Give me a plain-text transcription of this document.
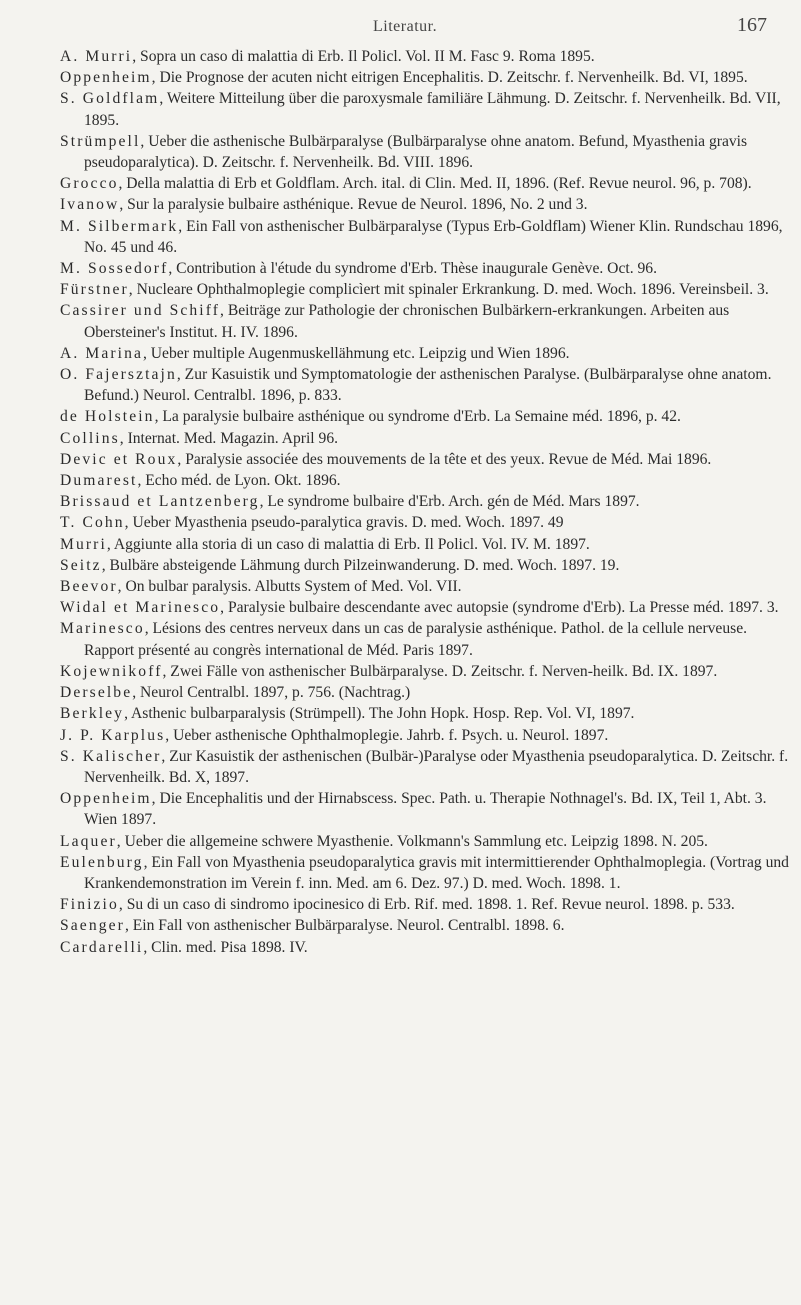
Literatur.	167

A. Murri, Sopra un caso di malattia di Erb. Il Policl. Vol. II M. Fasc 9. Roma 1895.

Oppenheim, Die Prognose der acuten nicht eitrigen Encephalitis. D. Zeitschr. f. Nervenheilk. Bd. VI, 1895.

S. Goldflam, Weitere Mitteilung über die paroxysmale familiäre Lähmung. D. Zeitschr. f. Nervenheilk. Bd. VII, 1895.

Strümpell, Ueber die asthenische Bulbärparalyse (Bulbärparalyse ohne anatom. Befund, Myasthenia gravis pseudoparalytica). D. Zeitschr. f. Nervenheilk. Bd. VIII. 1896.

Grocco, Della malattia di Erb et Goldflam. Arch. ital. di Clin. Med. II, 1896. (Ref. Revue neurol. 96, p. 708).

Ivanow, Sur la paralysie bulbaire asthénique. Revue de Neurol. 1896, No. 2 und 3.

M. Silbermark, Ein Fall von asthenischer Bulbärparalyse (Typus Erb-Goldflam) Wiener Klin. Rundschau 1896, No. 45 und 46.

M. Sossedorf, Contribution à l'étude du syndrome d'Erb. Thèse inaugurale Genève. Oct. 96.

Fürstner, Nucleare Ophthalmoplegie complicìert mit spinaler Erkrankung. D. med. Woch. 1896. Vereinsbeil. 3.

Cassirer und Schiff, Beiträge zur Pathologie der chronischen Bulbärkern-erkrankungen. Arbeiten aus Obersteiner's Institut. H. IV. 1896.

A. Marina, Ueber multiple Augenmuskellähmung etc. Leipzig und Wien 1896.

O. Fajersztajn, Zur Kasuistik und Symptomatologie der asthenischen Paralyse. (Bulbärparalyse ohne anatom. Befund.) Neurol. Centralbl. 1896, p. 833.

de Holstein, La paralysie bulbaire asthénique ou syndrome d'Erb. La Semaine méd. 1896, p. 42.

Collins, Internat. Med. Magazin. April 96.

Devic et Roux, Paralysie associée des mouvements de la tête et des yeux. Revue de Méd. Mai 1896.

Dumarest, Echo méd. de Lyon. Okt. 1896.

Brissaud et Lantzenberg, Le syndrome bulbaire d'Erb. Arch. gén de Méd. Mars 1897.

T. Cohn, Ueber Myasthenia pseudo-paralytica gravis. D. med. Woch. 1897. 49

Murri, Aggiunte alla storia di un caso di malattia di Erb. Il Policl. Vol. IV. M. 1897.

Seitz, Bulbäre absteigende Lähmung durch Pilzeinwanderung. D. med. Woch. 1897. 19.

Beevor, On bulbar paralysis. Albutts System of Med. Vol. VII.

Widal et Marinesco, Paralysie bulbaire descendante avec autopsie (syndrome d'Erb). La Presse méd. 1897. 3.

Marinesco, Lésions des centres nerveux dans un cas de paralysie asthénique. Pathol. de la cellule nerveuse. Rapport présenté au congrès international de Méd. Paris 1897.

Kojewnikoff, Zwei Fälle von asthenischer Bulbärparalyse. D. Zeitschr. f. Nerven-heilk. Bd. IX. 1897.

Derselbe, Neurol Centralbl. 1897, p. 756. (Nachtrag.)

Berkley, Asthenic bulbarparalysis (Strümpell). The John Hopk. Hosp. Rep. Vol. VI, 1897.

J. P. Karplus, Ueber asthenische Ophthalmoplegie. Jahrb. f. Psych. u. Neurol. 1897.

S. Kalischer, Zur Kasuistik der asthenischen (Bulbär-)Paralyse oder Myasthenia pseudoparalytica. D. Zeitschr. f. Nervenheilk. Bd. X, 1897.

Oppenheim, Die Encephalitis und der Hirnabscess. Spec. Path. u. Therapie Nothnagel's. Bd. IX, Teil 1, Abt. 3. Wien 1897.

Laquer, Ueber die allgemeine schwere Myasthenie. Volkmann's Sammlung etc. Leipzig 1898. N. 205.

Eulenburg, Ein Fall von Myasthenia pseudoparalytica gravis mit intermittierender Ophthalmoplegia. (Vortrag und Krankendemonstration im Verein f. inn. Med. am 6. Dez. 97.) D. med. Woch. 1898. 1.

Finizio, Su di un caso di sindromo ipocinesico di Erb. Rif. med. 1898. 1. Ref. Revue neurol. 1898. p. 533.

Saenger, Ein Fall von asthenischer Bulbärparalyse. Neurol. Centralbl. 1898. 6.

Cardarelli, Clin. med. Pisa 1898. IV.
